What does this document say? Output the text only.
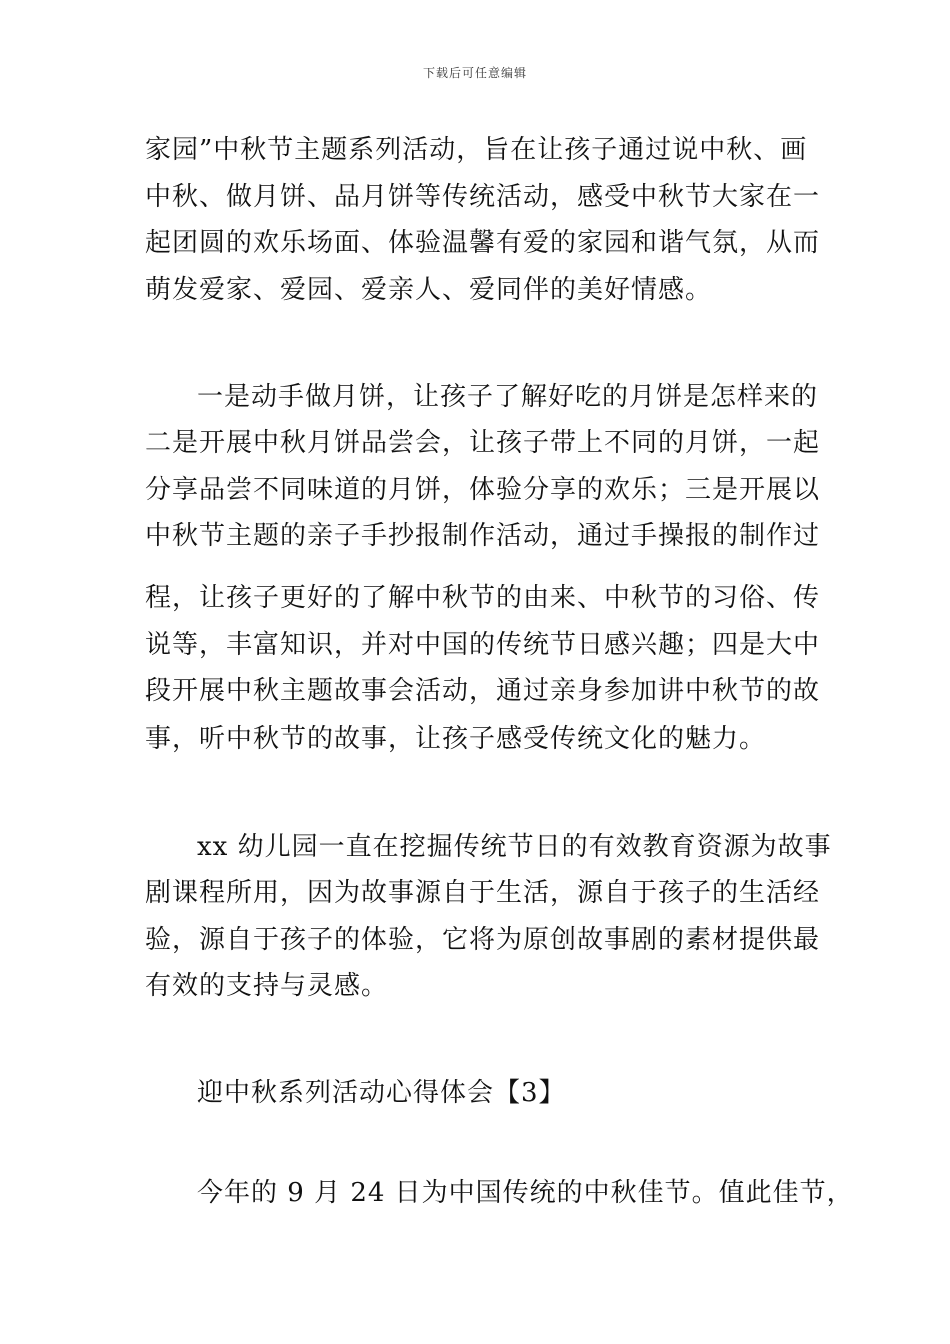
下载后可任意编辑
家园”中秋节主题系列活动，旨在让孩子通过说中秋、画
中秋、做月饼、品月饼等传统活动，感受中秋节大家在一
起团圆的欢乐场面、体验温馨有爱的家园和谐气氛，从而
萌发爱家、爱园、爱亲人、爱同伴的美好情感。
一是动手做月饼，让孩子了解好吃的月饼是怎样来的
二是开展中秋月饼品尝会，让孩子带上不同的月饼，一起
分享品尝不同味道的月饼，体验分享的欢乐；三是开展以
中秋节主题的亲子手抄报制作活动，通过手操报的制作过
程，让孩子更好的了解中秋节的由来、中秋节的习俗、传
说等，丰富知识，并对中国的传统节日感兴趣；四是大中
段开展中秋主题故事会活动，通过亲身参加讲中秋节的故
事，听中秋节的故事，让孩子感受传统文化的魅力。
xx 幼儿园一直在挖掘传统节日的有效教育资源为故事
剧课程所用，因为故事源自于生活，源自于孩子的生活经
验，源自于孩子的体验，它将为原创故事剧的素材提供最
有效的支持与灵感。
迎中秋系列活动心得体会【3】
今年的 9 月 24 日为中国传统的中秋佳节。值此佳节，
